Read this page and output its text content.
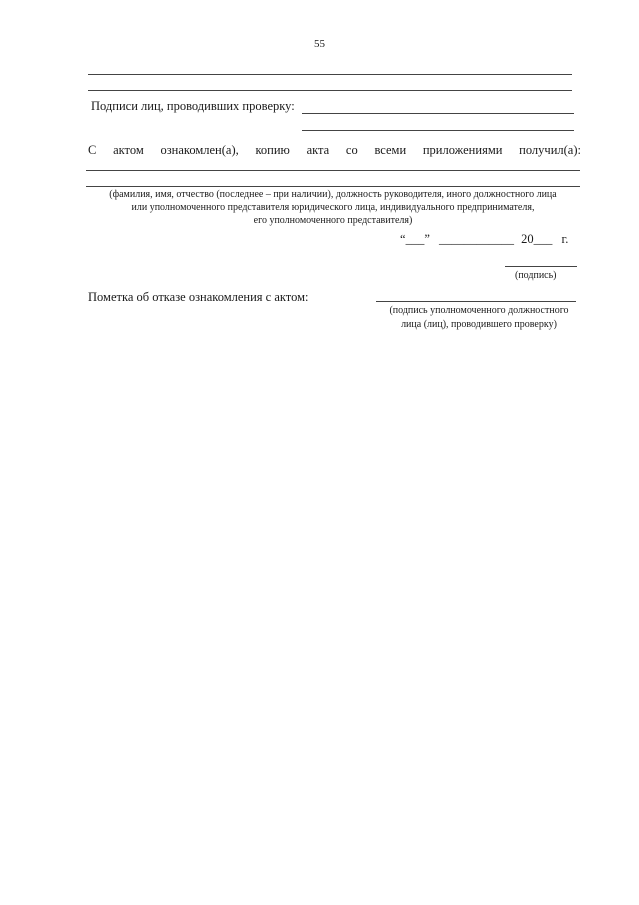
55
Подписи лиц, проводивших проверку:
С актом ознакомлен(а), копию акта со всеми приложениями получил(а):
(фамилия, имя, отчество (последнее – при наличии), должность руководителя, иного должностного лица
или уполномоченного представителя юридического лица, индивидуального предпринимателя,
его уполномоченного представителя)
“___” ____________ 20___ г.
(подпись)
Пометка об отказе ознакомления с актом:
(подпись уполномоченного должностного
лица (лиц), проводившего проверку)
